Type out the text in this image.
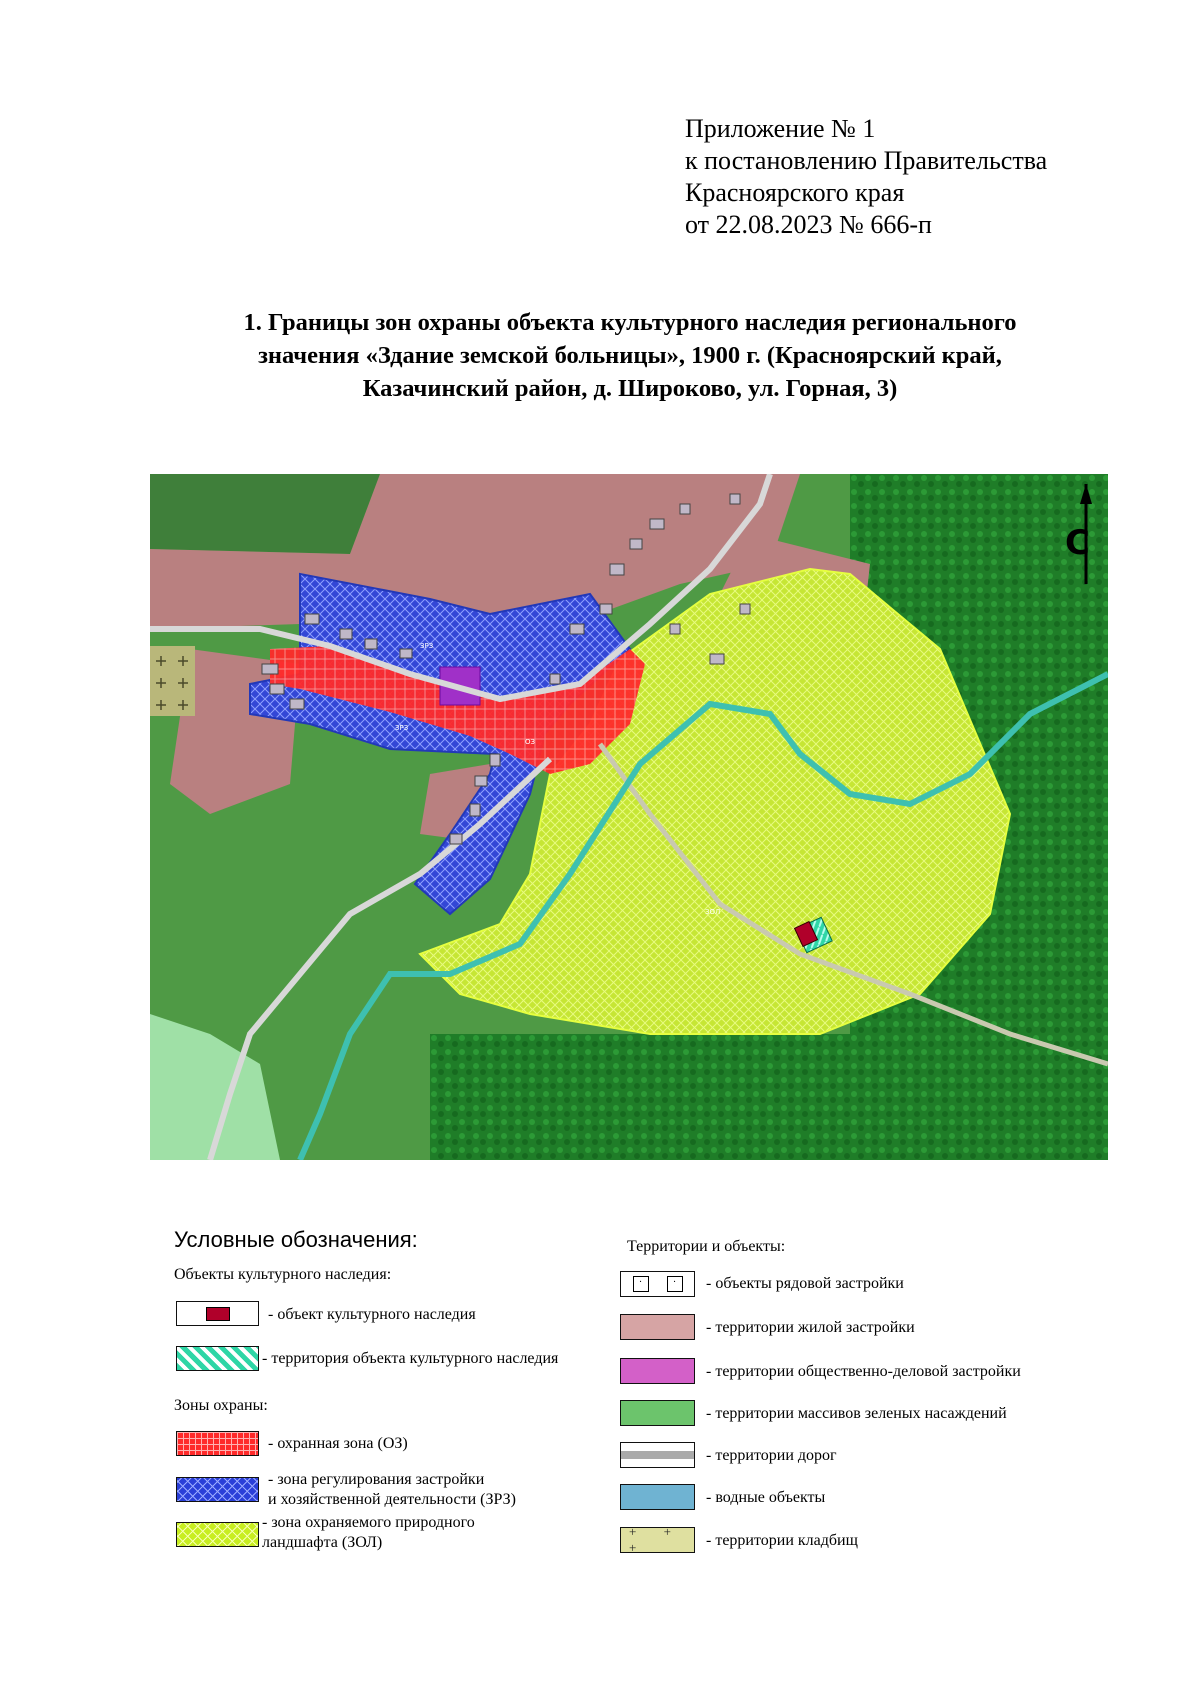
Приложение № 1
к постановлению Правительства
Красноярского края
от 22.08.2023 № 666-п
1. Границы зон охраны объекта культурного наследия регионального
значения «Здание земской больницы», 1900 г. (Красноярский край,
Казачинский район, д. Широково, ул. Горная, 3)
ЗРЗ
ЗРЗ
ОЗ
ЗОЛ
С
Условные обозначения:
Объекты культурного наследия:
- объект культурного наследия
- территория объекта культурного наследия
Зоны охраны:
- охранная зона (ОЗ)
- зона регулирования застройки
и хозяйственной деятельности (ЗРЗ)
- зона охраняемого природного
ландшафта (ЗОЛ)
Территории и объекты:
·	·	- объекты рядовой застройки
- территории жилой застройки
- территории общественно-деловой застройки
- территории массивов зеленых насаждений
- территории дорог
- водные объекты
+ + +	- территории кладбищ
